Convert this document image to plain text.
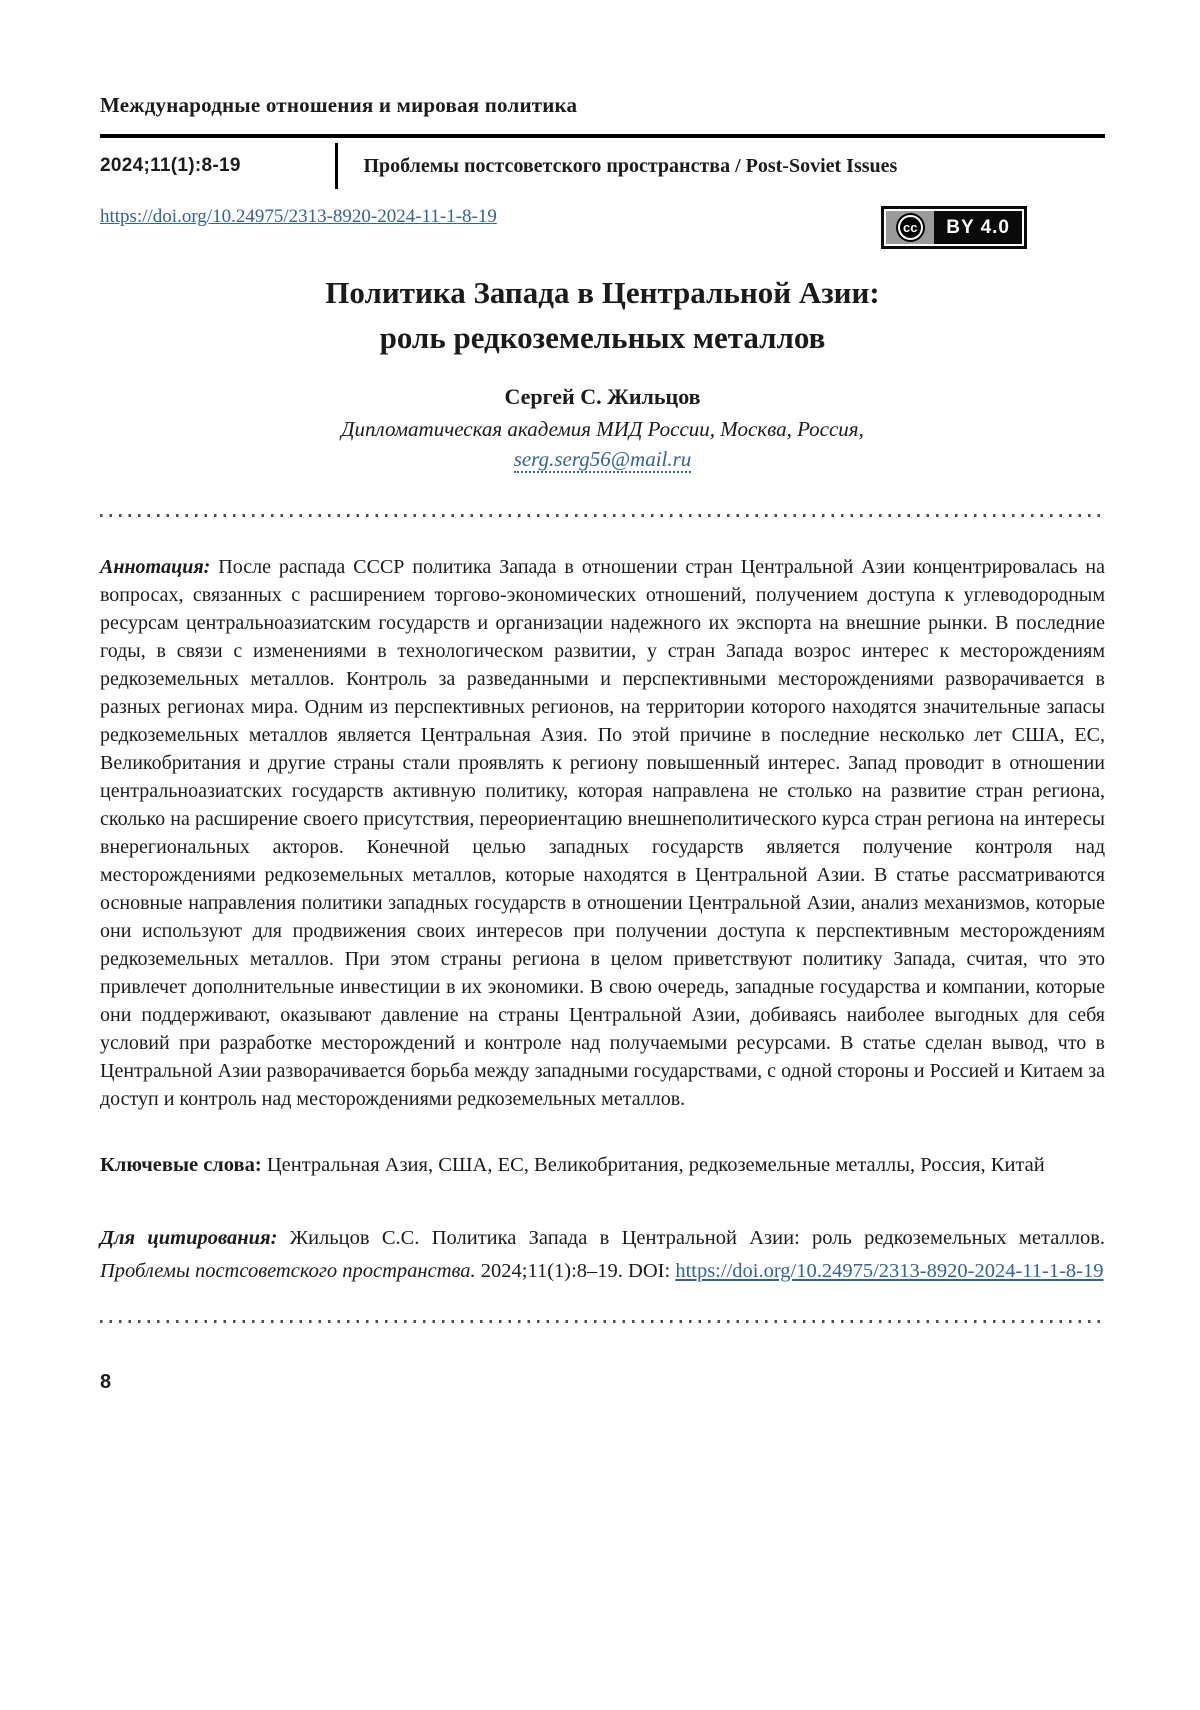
Международные отношения и мировая политика
2024;11(1):8-19	Проблемы постсоветского пространства / Post-Soviet Issues
https://doi.org/10.24975/2313-8920-2024-11-1-8-19
cc	BY 4.0
Политика Запада в Центральной Азии:
роль редкоземельных металлов
Сергей С. Жильцов
Дипломатическая академия МИД России, Москва, Россия,
serg.serg56@mail.ru
Аннотация: После распада СССР политика Запада в отношении стран Центральной Азии концентрировалась на вопросах, связанных с расширением торгово-экономических отношений, получением доступа к углеводородным ресурсам центральноазиатским государств и организации надежного их экспорта на внешние рынки. В последние годы, в связи с изменениями в технологическом развитии, у стран Запада возрос интерес к месторождениям редкоземельных металлов. Контроль за разведанными и перспективными месторождениями разворачивается в разных регионах мира. Одним из перспективных регионов, на территории которого находятся значительные запасы редкоземельных металлов является Центральная Азия. По этой причине в последние несколько лет США, ЕС, Великобритания и другие страны стали проявлять к региону повышенный интерес. Запад проводит в отношении центральноазиатских государств активную политику, которая направлена не столько на развитие стран региона, сколько на расширение своего присутствия, переориентацию внешнеполитического курса стран региона на интересы внерегиональных акторов. Конечной целью западных государств является получение контроля над месторождениями редкоземельных металлов, которые находятся в Центральной Азии. В статье рассматриваются основные направления политики западных государств в отношении Центральной Азии, анализ механизмов, которые они используют для продвижения своих интересов при получении доступа к перспективным месторождениям редкоземельных металлов. При этом страны региона в целом приветствуют политику Запада, считая, что это привлечет дополнительные инвестиции в их экономики. В свою очередь, западные государства и компании, которые они поддерживают, оказывают давление на страны Центральной Азии, добиваясь наиболее выгодных для себя условий при разработке месторождений и контроле над получаемыми ресурсами. В статье сделан вывод, что в Центральной Азии разворачивается борьба между западными государствами, с одной стороны и Россией и Китаем за доступ и контроль над месторождениями редкоземельных металлов.
Ключевые слова: Центральная Азия, США, ЕС, Великобритания, редкоземельные металлы, Россия, Китай
Для цитирования: Жильцов С.С. Политика Запада в Центральной Азии: роль редкоземельных металлов. Проблемы постсоветского пространства. 2024;11(1):8–19. DOI: https://doi.org/10.24975/2313-8920-2024-11-1-8-19
8
